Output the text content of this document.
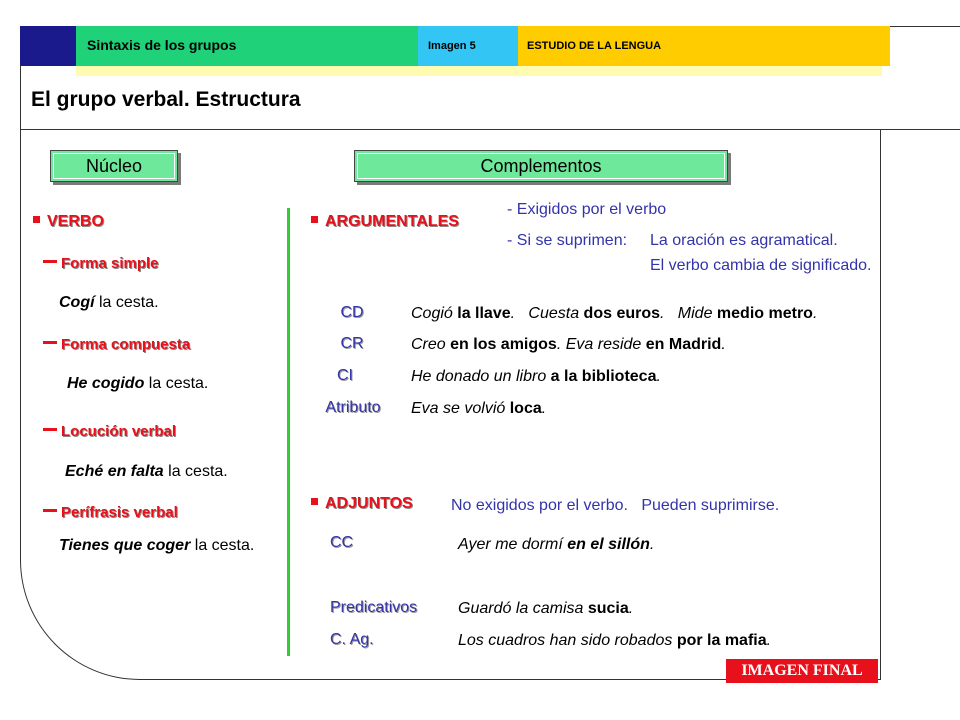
Sintaxis de los grupos	Imagen 5	ESTUDIO DE LA LENGUA
El grupo verbal. Estructura
Núcleo	Complementos
VERBO
Forma simple
Cogí la cesta.
Forma compuesta
He cogido la cesta.
Locución verbal
Eché en falta la cesta.
Perífrasis verbal
Tienes que coger la cesta.
ARGUMENTALES
- Exigidos por el verbo
- Si se suprimen: La oración es agramatical.
El verbo cambia de significado.
CD	Cogió la llave.   Cuesta dos euros.   Mide medio metro.
CR	Creo en los amigos. Eva reside en Madrid.
CI	He donado un libro a la biblioteca.
Atributo	Eva se volvió loca.
ADJUNTOS No exigidos por el verbo.   Pueden suprimirse.
CC	Ayer me dormí en el sillón.
Predicativos	Guardó la camisa sucia.
C. Ag.	Los cuadros han sido robados por la mafia.
IMAGEN FINAL
